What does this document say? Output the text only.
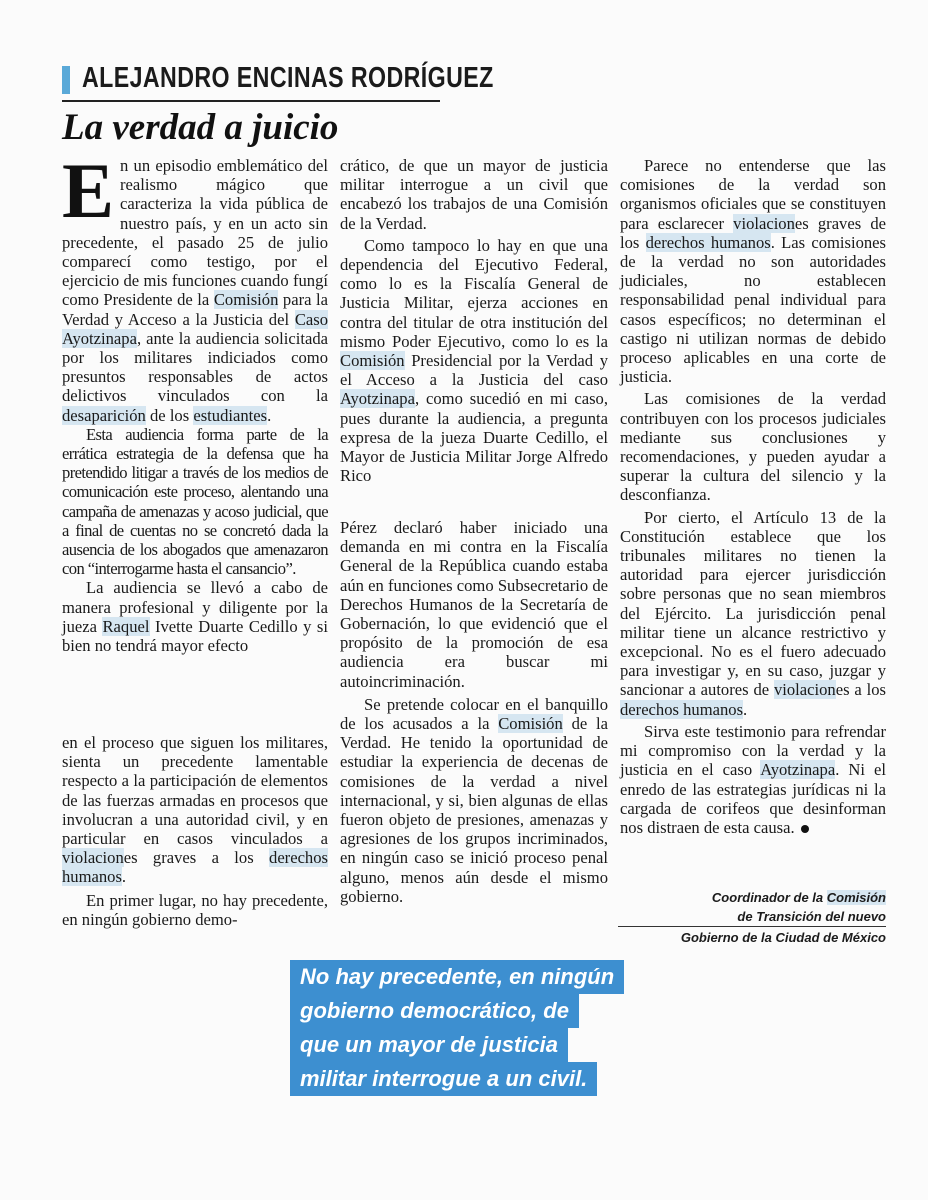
ALEJANDRO ENCINAS RODRÍGUEZ
La verdad a juicio

En un episodio emblemático del realismo mágico que caracteriza la vida pública de nuestro país, y en un acto sin precedente, el pasado 25 de julio comparecí como testigo, por el ejercicio de mis funciones cuando fungí como Presidente de la Comisión para la Verdad y Acceso a la Justicia del Caso Ayotzinapa, ante la audiencia solicitada por los militares indiciados como presuntos responsables de actos delictivos vinculados con la desaparición de los estudiantes.

Esta audiencia forma parte de la errática estrategia de la defensa que ha pretendido litigar a través de los medios de comunicación este proceso, alentando una campaña de amenazas y acoso judicial, que a final de cuentas no se concretó dada la ausencia de los abogados que amenazaron con “interrogarme hasta el cansancio”.

La audiencia se llevó a cabo de manera profesional y diligente por la jueza Raquel Ivette Duarte Cedillo y si bien no tendrá mayor efecto

en el proceso que siguen los militares, sienta un precedente lamentable respecto a la participación de elementos de las fuerzas armadas en procesos que involucran a una autoridad civil, y en particular en casos vinculados a violaciones graves a los derechos humanos.

En primer lugar, no hay precedente, en ningún gobierno demo-

crático, de que un mayor de justicia militar interrogue a un civil que encabezó los trabajos de una Comisión de la Verdad.

Como tampoco lo hay en que una dependencia del Ejecutivo Federal, como lo es la Fiscalía General de Justicia Militar, ejerza acciones en contra del titular de otra institución del mismo Poder Ejecutivo, como lo es la Comisión Presidencial por la Verdad y el Acceso a la Justicia del caso Ayotzinapa, como sucedió en mi caso, pues durante la audiencia, a pregunta expresa de la jueza Duarte Cedillo, el Mayor de Justicia Militar Jorge Alfredo Rico

Pérez declaró haber iniciado una demanda en mi contra en la Fiscalía General de la República cuando estaba aún en funciones como Subsecretario de Derechos Humanos de la Secretaría de Gobernación, lo que evidenció que el propósito de la promoción de esa audiencia era buscar mi autoincriminación.

Se pretende colocar en el banquillo de los acusados a la Comisión de la Verdad. He tenido la oportunidad de estudiar la experiencia de decenas de comisiones de la verdad a nivel internacional, y si, bien algunas de ellas fueron objeto de presiones, amenazas y agresiones de los grupos incriminados, en ningún caso se inició proceso penal alguno, menos aún desde el mismo gobierno.

Parece no entenderse que las comisiones de la verdad son organismos oficiales que se constituyen para esclarecer violaciones graves de los derechos humanos. Las comisiones de la verdad no son autoridades judiciales, no establecen responsabilidad penal individual para casos específicos; no determinan el castigo ni utilizan normas de debido proceso aplicables en una corte de justicia.

Las comisiones de la verdad contribuyen con los procesos judiciales mediante sus conclusiones y recomendaciones, y pueden ayudar a superar la cultura del silencio y la desconfianza.

Por cierto, el Artículo 13 de la Constitución establece que los tribunales militares no tienen la autoridad para ejercer jurisdicción sobre personas que no sean miembros del Ejército. La jurisdicción penal militar tiene un alcance restrictivo y excepcional. No es el fuero adecuado para investigar y, en su caso, juzgar y sancionar a autores de violaciones a los derechos humanos.

Sirva este testimonio para refrendar mi compromiso con la verdad y la justicia en el caso Ayotzinapa. Ni el enredo de las estrategias jurídicas ni la cargada de corifeos que desinforman nos distraen de esta causa.

Coordinador de la Comisión
de Transición del nuevo
Gobierno de la Ciudad de México
No hay precedente, en ningún
gobierno democrático, de
que un mayor de justicia
militar interrogue a un civil.
